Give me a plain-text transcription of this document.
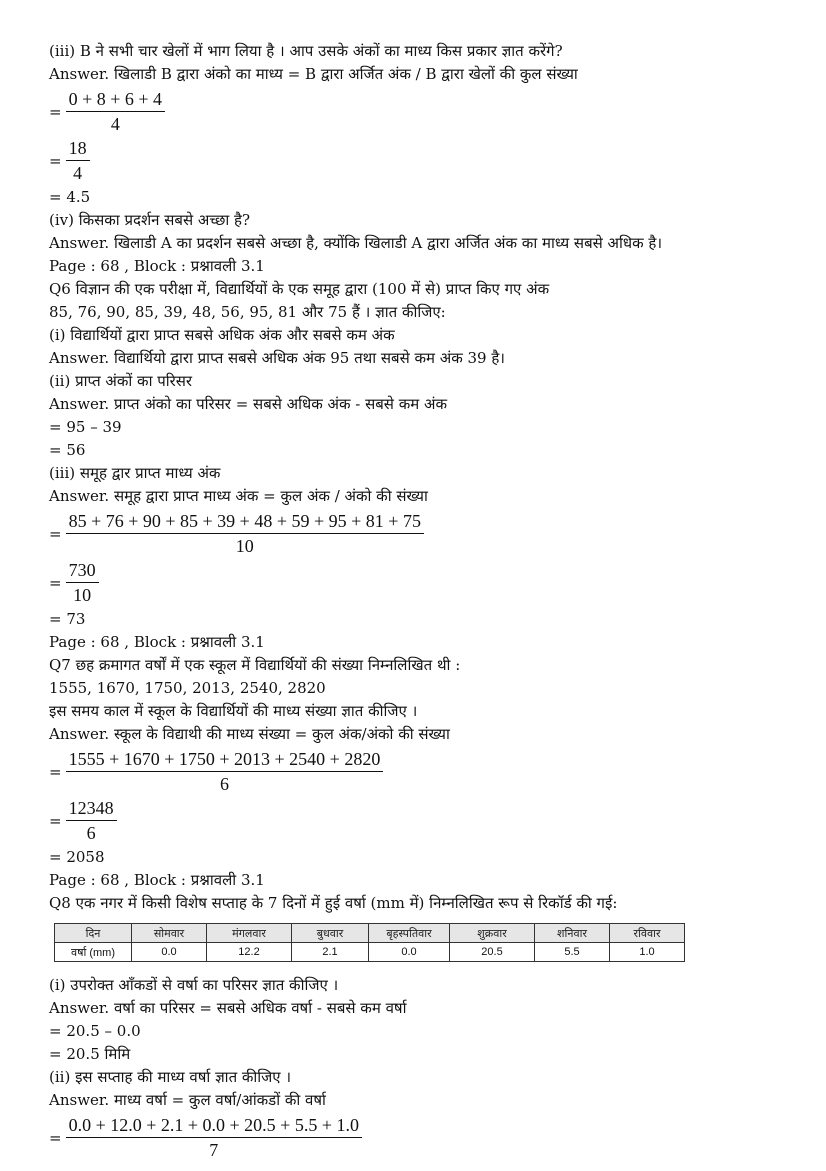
(iii) B ने सभी चार खेलों में भाग लिया है । आप उसके अंकों का माध्य किस प्रकार ज्ञात करेंगे?
Answer. खिलाडी B द्वारा अंको का माध्य = B द्वारा अर्जित अंक / B द्वारा खेलों की कुल संख्या
= $\frac{0 + 8 + 6 + 4}{4}$
= $\frac{18}{4}$
= 4.5
(iv) किसका प्रदर्शन सबसे अच्छा है?
Answer. खिलाडी A का प्रदर्शन सबसे अच्छा है, क्योंकि खिलाडी A द्वारा अर्जित अंक का माध्य सबसे अधिक है।
Page : 68 , Block : प्रश्नावली 3.1
Q6 विज्ञान की एक परीक्षा में, विद्यार्थियों के एक समूह द्वारा (100 में से) प्राप्त किए गए अंक
85, 76, 90, 85, 39, 48, 56, 95, 81 और 75 हैं । ज्ञात कीजिए:
(i) विद्यार्थियों द्वारा प्राप्त सबसे अधिक अंक और सबसे कम अंक
Answer. विद्यार्थियो द्वारा प्राप्त सबसे अधिक अंक 95 तथा सबसे कम अंक 39 है।
(ii) प्राप्त अंकों का परिसर
Answer. प्राप्त अंको का परिसर = सबसे अधिक अंक - सबसे कम अंक
= 95 – 39
= 56
(iii) समूह द्वार प्राप्त माध्य अंक
Answer. समूह द्वारा प्राप्त माध्य अंक = कुल अंक / अंको की संख्या
= $\frac{85 + 76 + 90 + 85 + 39 + 48 + 59 + 95 + 81 + 75}{10}$
= $\frac{730}{10}$
= 73
Page : 68 , Block : प्रश्नावली 3.1
Q7 छह क्रमागत वर्षों में एक स्कूल में विद्यार्थियों की संख्या निम्नलिखित थी :
1555, 1670, 1750, 2013, 2540, 2820
इस समय काल में स्कूल के विद्यार्थियों की माध्य संख्या ज्ञात कीजिए ।
Answer. स्कूल के विद्याथी की माध्य संख्या = कुल अंक/अंको की संख्या
= $\frac{1555 + 1670 + 1750 + 2013 + 2540 + 2820}{6}$
= $\frac{12348}{6}$
= 2058
Page : 68 , Block : प्रश्नावली 3.1
Q8 एक नगर में किसी विशेष सप्ताह के 7 दिनों में हुई वर्षा (mm में) निम्नलिखित रूप से रिकॉर्ड की गई:
दिन	सोमवार	मंगलवार	बुधवार	बृहस्पतिवार	शुक्रवार	शनिवार	रविवार
वर्षा (mm)	0.0	12.2	2.1	0.0	20.5	5.5	1.0
(i) उपरोक्त आँकडों से वर्षा का परिसर ज्ञात कीजिए ।
Answer. वर्षा का परिसर = सबसे अधिक वर्षा - सबसे कम वर्षा
= 20.5 – 0.0
= 20.5 मिमि
(ii) इस सप्ताह की माध्य वर्षा ज्ञात कीजिए ।
Answer. माध्य वर्षा = कुल वर्षा/आंकडों की वर्षा
= $\frac{0.0 + 12.0 + 2.1 + 0.0 + 20.5 + 5.5 + 1.0}{7}$
